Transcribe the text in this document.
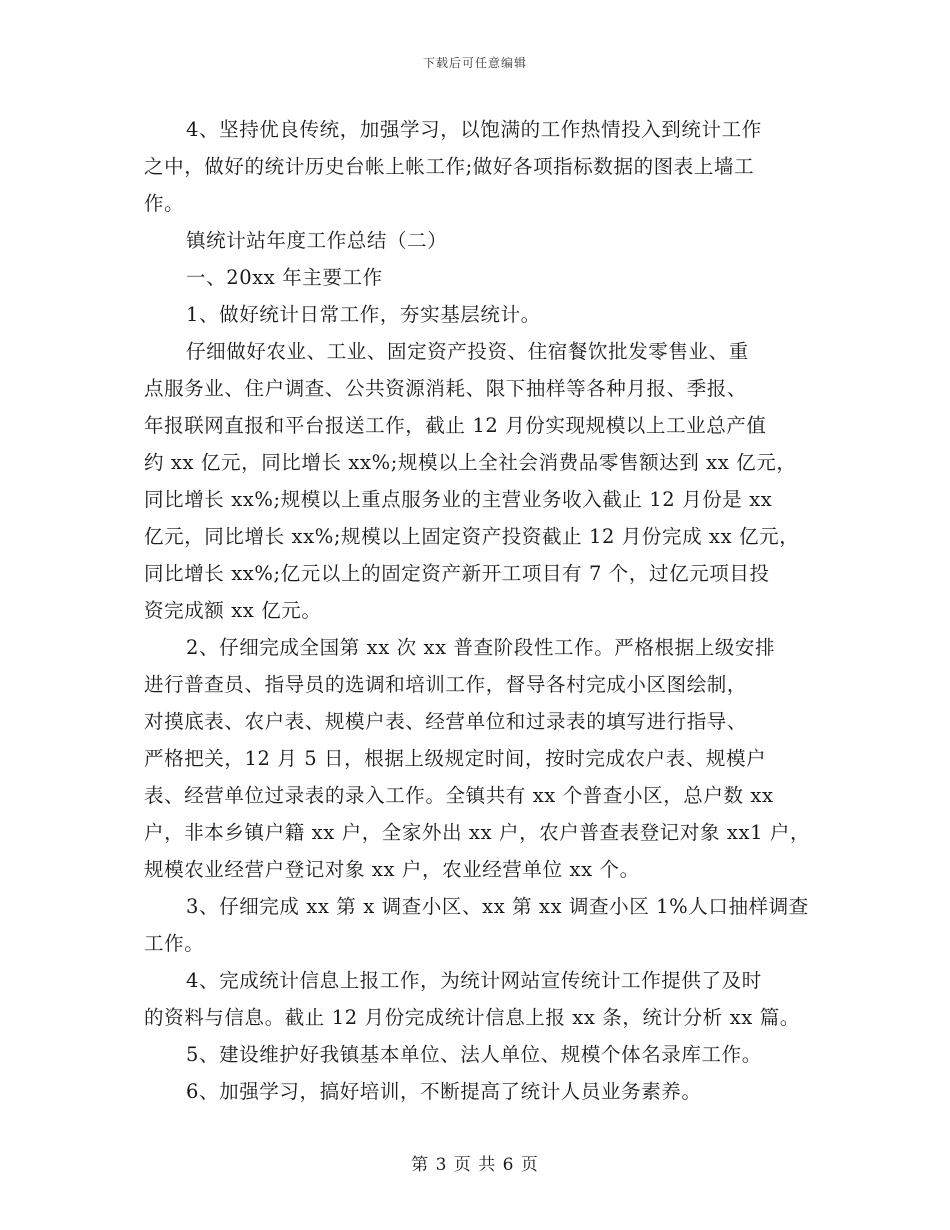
下载后可任意编辑
4、坚持优良传统，加强学习，以饱满的工作热情投入到统计工作
之中，做好的统计历史台帐上帐工作;做好各项指标数据的图表上墙工
作。
镇统计站年度工作总结（二）
一、20xx 年主要工作
1、做好统计日常工作，夯实基层统计。
仔细做好农业、工业、固定资产投资、住宿餐饮批发零售业、重
点服务业、住户调查、公共资源消耗、限下抽样等各种月报、季报、
年报联网直报和平台报送工作，截止 12 月份实现规模以上工业总产值
约 xx 亿元，同比增长 xx%;规模以上全社会消费品零售额达到 xx 亿元，
同比增长 xx%;规模以上重点服务业的主营业务收入截止 12 月份是 xx
亿元，同比增长 xx%;规模以上固定资产投资截止 12 月份完成 xx 亿元，
同比增长 xx%;亿元以上的固定资产新开工项目有 7 个，过亿元项目投
资完成额 xx 亿元。
2、仔细完成全国第 xx 次 xx 普查阶段性工作。严格根据上级安排
进行普查员、指导员的选调和培训工作，督导各村完成小区图绘制，
对摸底表、农户表、规模户表、经营单位和过录表的填写进行指导、
严格把关，12 月 5 日，根据上级规定时间，按时完成农户表、规模户
表、经营单位过录表的录入工作。全镇共有 xx 个普查小区，总户数 xx
户，非本乡镇户籍 xx 户，全家外出 xx 户，农户普查表登记对象 xx1 户，
规模农业经营户登记对象 xx 户，农业经营单位 xx 个。
3、仔细完成 xx 第 x 调查小区、xx 第 xx 调查小区 1%人口抽样调查
工作。
4、完成统计信息上报工作，为统计网站宣传统计工作提供了及时
的资料与信息。截止 12 月份完成统计信息上报 xx 条，统计分析 xx 篇。
5、建设维护好我镇基本单位、法人单位、规模个体名录库工作。
6、加强学习，搞好培训，不断提高了统计人员业务素养。
第 3 页 共 6 页
